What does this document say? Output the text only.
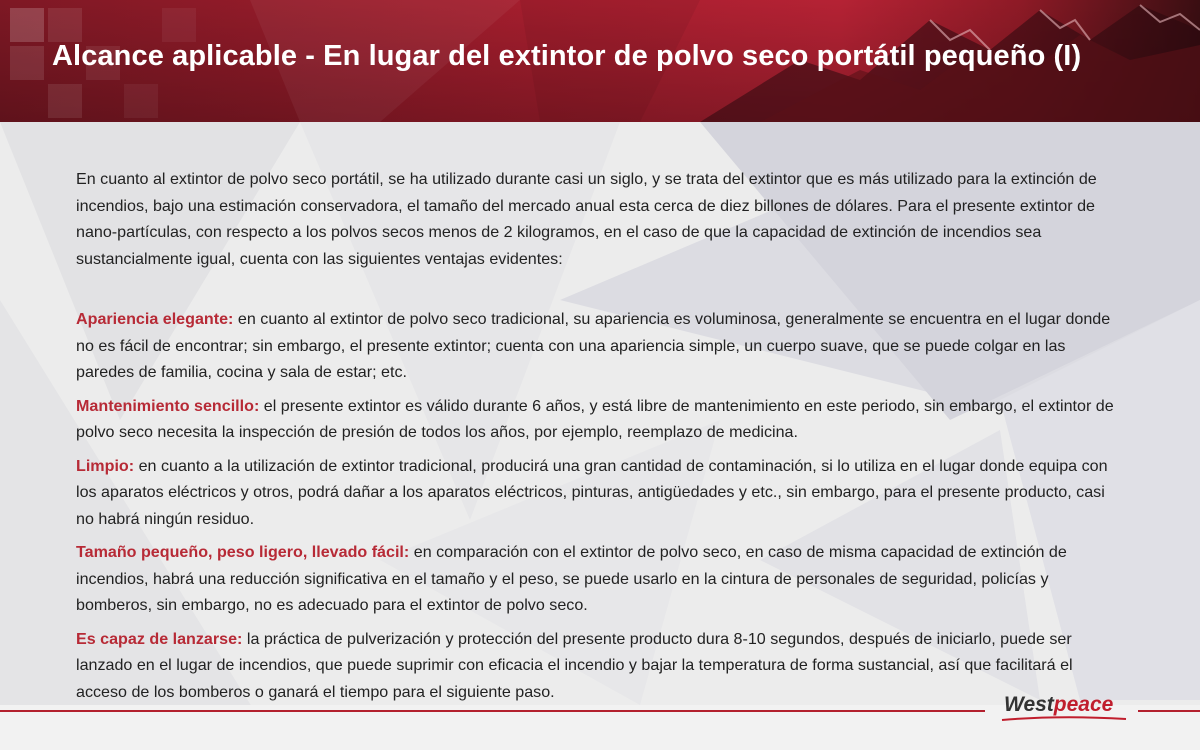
Alcance aplicable - En lugar del extintor de polvo seco portátil pequeño (I)

En cuanto al extintor de polvo seco portátil, se ha utilizado durante casi un siglo, y se trata del extintor que es más utilizado para la extinción de incendios, bajo una estimación conservadora, el tamaño del mercado anual esta cerca de diez billones de dólares. Para el presente extintor de nano-partículas, con respecto a los polvos secos menos de 2 kilogramos, en el caso de que la capacidad de extinción de incendios sea sustancialmente igual, cuenta con las siguientes ventajas evidentes:

Apariencia elegante: en cuanto al extintor de polvo seco tradicional, su apariencia es voluminosa, generalmente se encuentra en el lugar donde no es fácil de encontrar; sin embargo, el presente extintor; cuenta con una apariencia simple, un cuerpo suave, que se puede colgar en las paredes de familia, cocina y sala de estar; etc.

Mantenimiento sencillo: el presente extintor es válido durante 6 años, y está libre de mantenimiento en este periodo, sin embargo, el extintor de polvo seco necesita la inspección de presión de todos los años, por ejemplo, reemplazo de medicina.

Limpio: en cuanto a la utilización de extintor tradicional, producirá una gran cantidad de contaminación, si lo utiliza en el lugar donde equipa con los aparatos eléctricos y otros, podrá dañar a los aparatos eléctricos, pinturas, antigüedades y etc., sin embargo, para el presente producto, casi no habrá ningún residuo.

Tamaño pequeño, peso ligero, llevado fácil: en comparación con el extintor de polvo seco, en caso de misma capacidad de extinción de incendios, habrá una reducción significativa en el tamaño y el peso, se puede usarlo en la cintura de personales de seguridad, policías y bomberos, sin embargo, no es adecuado para el extintor de polvo seco.

Es capaz de lanzarse: la práctica de pulverización y protección del presente producto dura 8-10 segundos, después de iniciarlo, puede ser lanzado en el lugar de incendios, que puede suprimir con eficacia el incendio y bajar la temperatura de forma sustancial, así que facilitará el acceso de los bomberos o ganará el tiempo para el siguiente paso.

Westpeace
